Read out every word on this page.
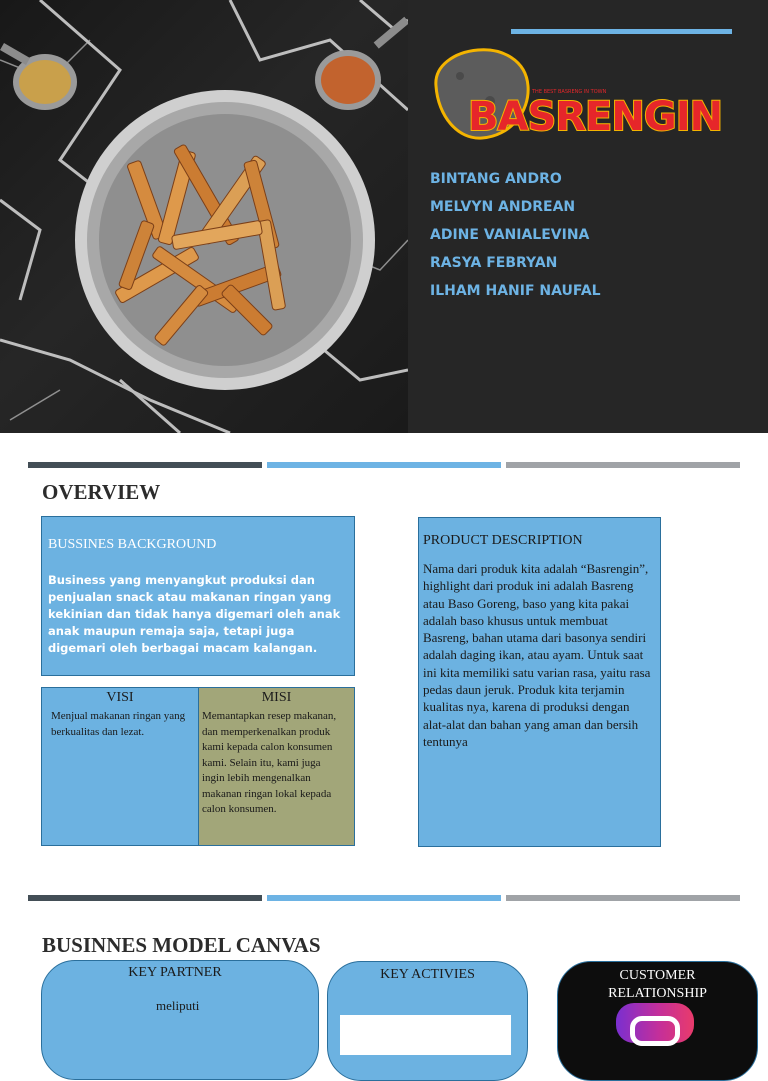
THE BEST BASRENG IN TOWN
BASRENGIN
BINTANG ANDRO
MELVYN ANDREAN
ADINE VANIALEVINA
RASYA FEBRYAN
ILHAM HANIF NAUFAL
OVERVIEW
BUSSINES BACKGROUND
Business yang menyangkut produksi dan penjualan snack atau makanan ringan yang kekinian dan tidak hanya digemari oleh anak anak maupun remaja saja, tetapi juga digemari oleh berbagai macam kalangan.
VISI
Menjual makanan ringan yang berkualitas dan lezat.
MISI
Memantapkan resep makanan, dan memperkenalkan produk kami kepada calon konsumen kami. Selain itu, kami juga ingin lebih mengenalkan makanan ringan lokal kepada calon konsumen.
PRODUCT DESCRIPTION
Nama dari produk kita adalah “Basrengin”, highlight dari produk ini adalah Basreng atau Baso Goreng, baso yang kita pakai adalah baso khusus untuk membuat Basreng, bahan utama dari basonya sendiri adalah daging ikan, atau ayam. Untuk saat ini kita memiliki satu varian rasa, yaitu rasa pedas daun jeruk. Produk kita terjamin kualitas nya, karena di produksi dengan alat-alat dan bahan yang aman dan bersih tentunya
BUSINNES MODEL CANVAS
KEY PARTNER
meliputi
KEY ACTIVIES	CUSTOMER RELATIONSHIP
